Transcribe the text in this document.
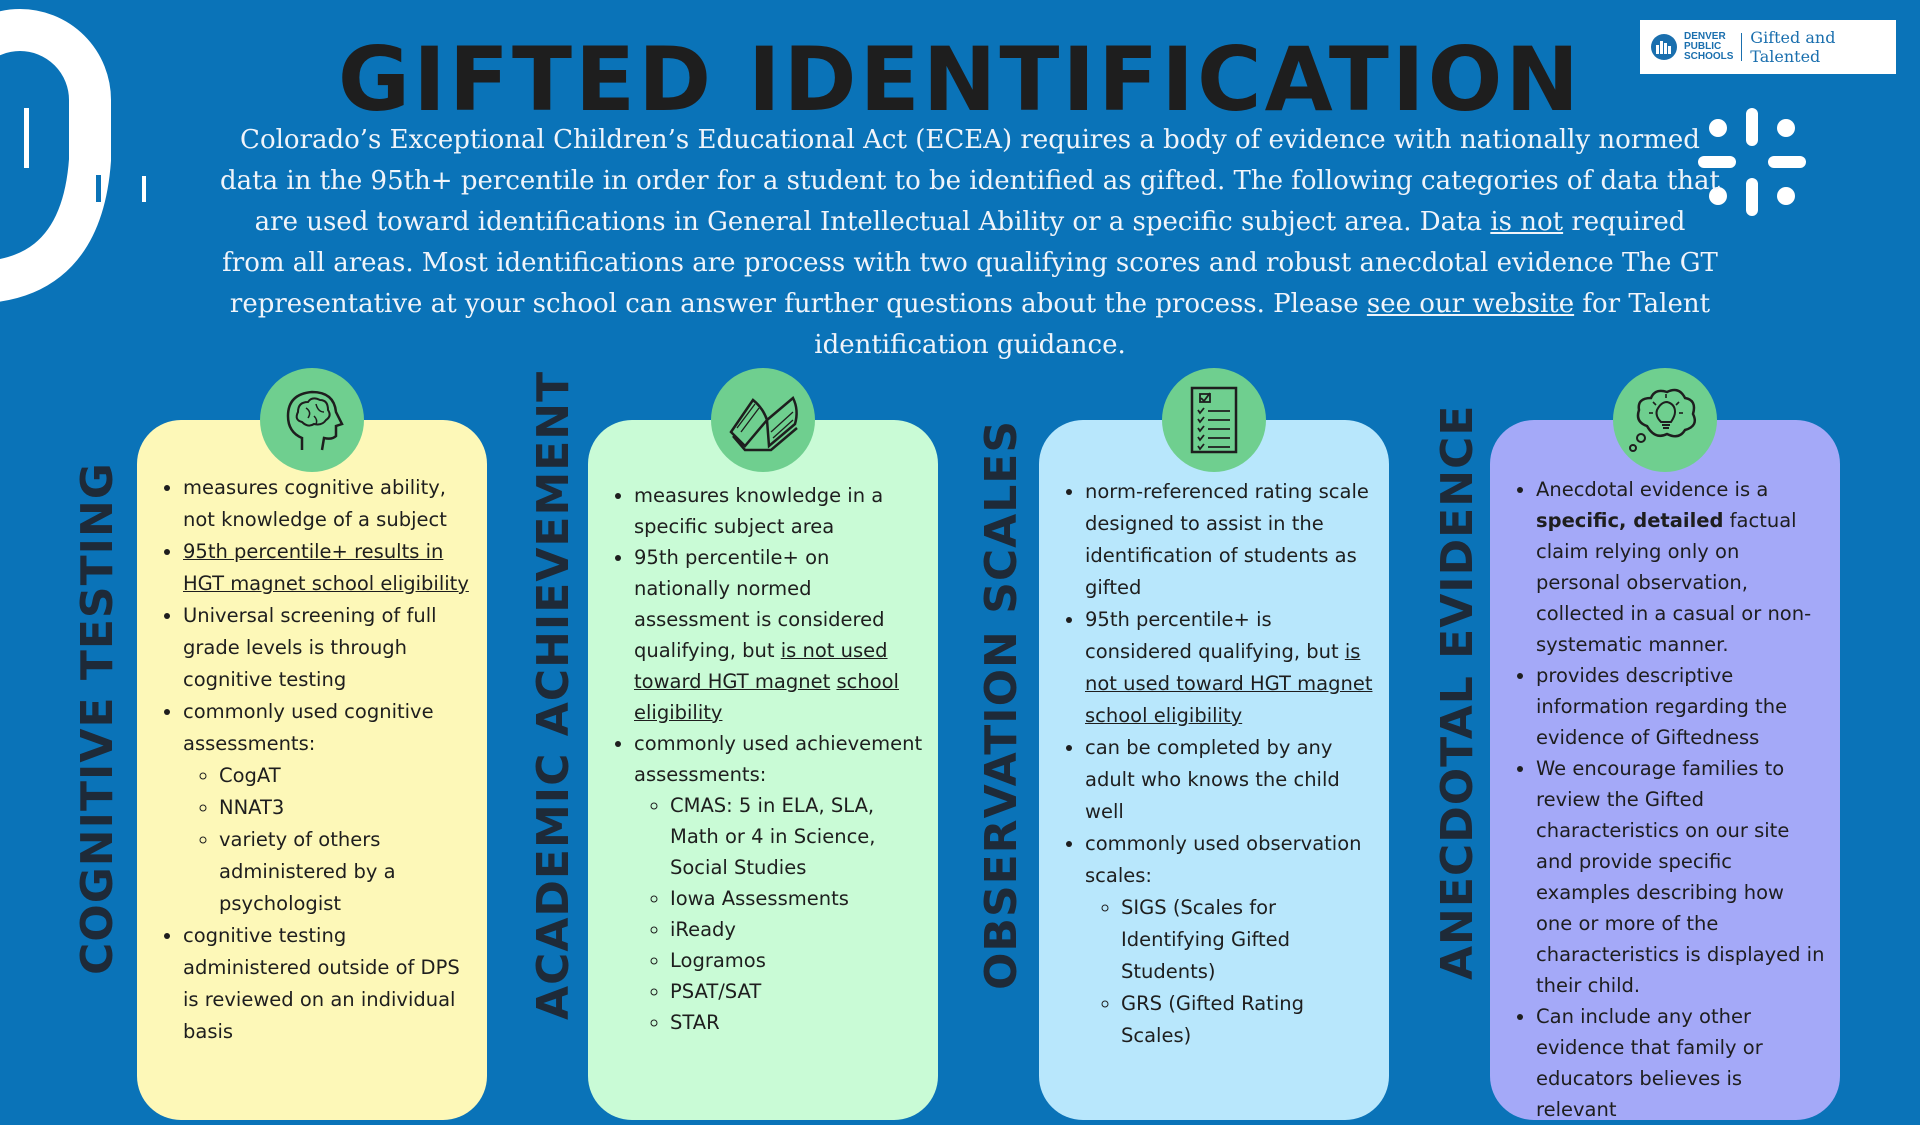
DENVER
PUBLIC
SCHOOLS
Gifted and Talented
GIFTED IDENTIFICATION

Colorado’s Exceptional Children’s Educational Act (ECEA) requires a body of evidence with nationally normed data in the 95th+ percentile in order for a student to be identified as gifted. The following categories of data that are used toward identifications in General Intellectual Ability or a specific subject area. Data is not required from all areas. Most identifications are process with two qualifying scores and robust anecdotal evidence The GT representative at your school can answer further questions about the process. Please see our website for Talent identification guidance.

• measures cognitive ability, not knowledge of a subject
• 95th percentile+ results in HGT magnet school eligibility
• Universal screening of full grade levels is through cognitive testing
• commonly used cognitive assessments:
◦ CogAT
◦ NNAT3
◦ variety of others administered by a psychologist
• cognitive testing administered outside of DPS is reviewed on an individual basis
• measures knowledge in a specific subject area
• 95th percentile+ on nationally normed assessment is considered qualifying, but is not used toward HGT magnet school eligibility
• commonly used achievement assessments:
◦ CMAS: 5 in ELA, SLA, Math or 4 in Science, Social Studies
◦ Iowa Assessments
◦ iReady
◦ Logramos
◦ PSAT/SAT
◦ STAR
• norm-referenced rating scale designed to assist in the identification of students as gifted
• 95th percentile+ is considered qualifying, but is not used toward HGT magnet school eligibility
• can be completed by any adult who knows the child well
• commonly used observation scales:
◦ SIGS (Scales for Identifying Gifted Students)
◦ GRS (Gifted Rating Scales)
• Anecdotal evidence is a specific, detailed factual claim relying only on personal observation, collected in a casual or non-systematic manner.
• provides descriptive information regarding the evidence of Giftedness
• We encourage families to review the Gifted characteristics on our site and provide specific examples describing how one or more of the characteristics is displayed in their child.
• Can include any other evidence that family or educators believes is relevant
COGNITIVE TESTING	ACADEMIC ACHIEVEMENT	OBSERVATION SCALES	ANECDOTAL EVIDENCE
